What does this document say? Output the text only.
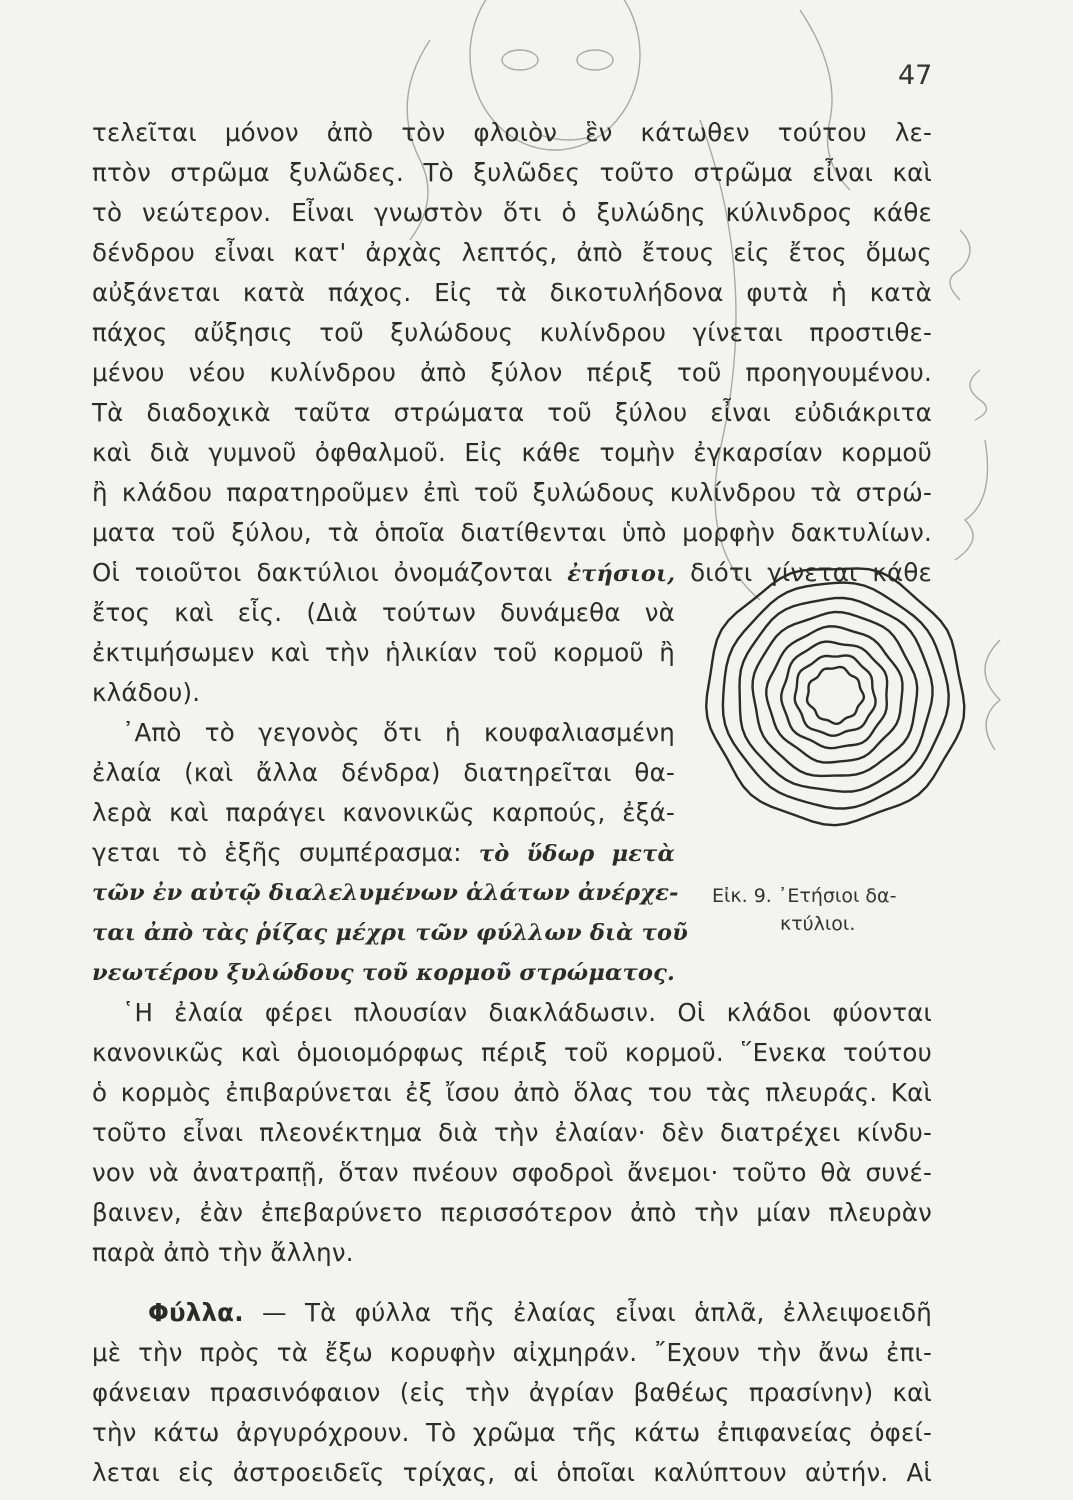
47
τελεῖται μόνον ἀπὸ τὸν φλοιὸν ἓν κάτωθεν τούτου λε-
πτὸν στρῶμα ξυλῶδες. Τὸ ξυλῶδες τοῦτο στρῶμα εἶναι καὶ
τὸ νεώτερον. Εἶναι γνωστὸν ὅτι ὁ ξυλώδης κύλινδρος κάθε
δένδρου εἶναι κατ' ἀρχὰς λεπτός, ἀπὸ ἔτους εἰς ἔτος ὅμως
αὐξάνεται κατὰ πάχος. Εἰς τὰ δικοτυλήδονα φυτὰ ἡ κατὰ
πάχος αὔξησις τοῦ ξυλώδους κυλίνδρου γίνεται προστιθε-
μένου νέου κυλίνδρου ἀπὸ ξύλον πέριξ τοῦ προηγουμένου.
Τὰ διαδοχικὰ ταῦτα στρώματα τοῦ ξύλου εἶναι εὐδιάκριτα
καὶ διὰ γυμνοῦ ὀφθαλμοῦ. Εἰς κάθε τομὴν ἐγκαρσίαν κορμοῦ
ἢ κλάδου παρατηροῦμεν ἐπὶ τοῦ ξυλώδους κυλίνδρου τὰ στρώ-
ματα τοῦ ξύλου, τὰ ὁποῖα διατίθενται ὑπὸ μορφὴν δακτυλίων.
Οἱ τοιοῦτοι δακτύλιοι ὀνομάζονται ἐτήσιοι, διότι γίνεται κάθε
ἔτος καὶ εἷς. (Διὰ τούτων δυνάμεθα νὰ
ἐκτιμήσωμεν καὶ τὴν ἡλικίαν τοῦ κορμοῦ ἢ
κλάδου).
᾿Απὸ τὸ γεγονὸς ὅτι ἡ κουφαλιασμένη
ἐλαία (καὶ ἄλλα δένδρα) διατηρεῖται θα-
λερὰ καὶ παράγει κανονικῶς καρπούς, ἐξά-
γεται τὸ ἑξῆς συμπέρασμα: τὸ ὕδωρ μετὰ
τῶν ἐν αὐτῷ διαλελυμένων ἁλάτων ἀνέρχε-
ται ἀπὸ τὰς ῥίζας μέχρι τῶν φύλλων διὰ τοῦ
νεωτέρου ξυλώδους τοῦ κορμοῦ στρώματος.
Εἰκ. 9. ᾿Ετήσιοι δα-
κτύλιοι.
῾Η ἐλαία φέρει πλουσίαν διακλάδωσιν. Οἱ κλάδοι φύονται
κανονικῶς καὶ ὁμοιομόρφως πέριξ τοῦ κορμοῦ. ῞Ενεκα τούτου
ὁ κορμὸς ἐπιβαρύνεται ἐξ ἴσου ἀπὸ ὅλας του τὰς πλευράς. Καὶ
τοῦτο εἶναι πλεονέκτημα διὰ τὴν ἐλαίαν· δὲν διατρέχει κίνδυ-
νον νὰ ἀνατραπῇ, ὅταν πνέουν σφοδροὶ ἄνεμοι· τοῦτο θὰ συνέ-
βαινεν, ἐὰν ἐπεβαρύνετο περισσότερον ἀπὸ τὴν μίαν πλευρὰν
παρὰ ἀπὸ τὴν ἄλλην.
Φύλλα. — Τὰ φύλλα τῆς ἐλαίας εἶναι ἁπλᾶ, ἐλλειψοειδῆ
μὲ τὴν πρὸς τὰ ἔξω κορυφὴν αἰχμηράν. ῎Εχουν τὴν ἄνω ἐπι-
φάνειαν πρασινόφαιον (εἰς τὴν ἀγρίαν βαθέως πρασίνην) καὶ
τὴν κάτω ἀργυρόχρουν. Τὸ χρῶμα τῆς κάτω ἐπιφανείας ὀφεί-
λεται εἰς ἀστροειδεῖς τρίχας, αἱ ὁποῖαι καλύπτουν αὐτήν. Αἱ
